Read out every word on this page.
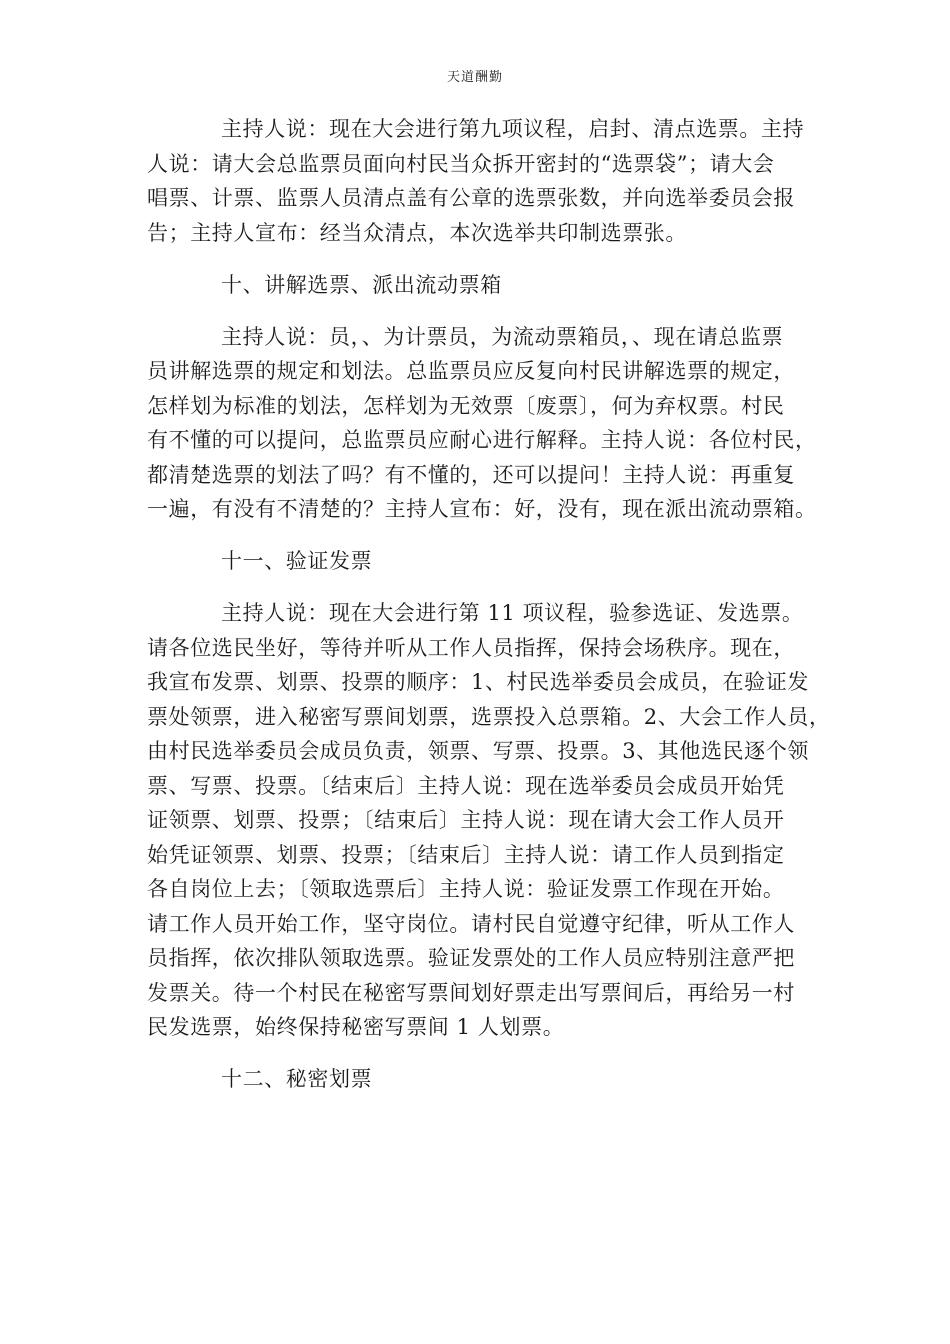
天道酬勤
主持人说：现在大会进行第九项议程，启封、清点选票。主持
人说：请大会总监票员面向村民当众拆开密封的“选票袋”；请大会
唱票、计票、监票人员清点盖有公章的选票张数，并向选举委员会报
告；主持人宣布：经当众清点，本次选举共印制选票张。
十、讲解选票、派出流动票箱
主持人说：员，、为计票员，为流动票箱员，、现在请总监票
员讲解选票的规定和划法。总监票员应反复向村民讲解选票的规定，
怎样划为标准的划法，怎样划为无效票〔废票〕，何为弃权票。村民
有不懂的可以提问，总监票员应耐心进行解释。主持人说：各位村民，
都清楚选票的划法了吗？有不懂的，还可以提问！主持人说：再重复
一遍，有没有不清楚的？主持人宣布：好，没有，现在派出流动票箱。
十一、验证发票
主持人说：现在大会进行第 11 项议程，验参选证、发选票。
请各位选民坐好，等待并听从工作人员指挥，保持会场秩序。现在，
我宣布发票、划票、投票的顺序：1、村民选举委员会成员，在验证发
票处领票，进入秘密写票间划票，选票投入总票箱。2、大会工作人员，
由村民选举委员会成员负责，领票、写票、投票。3、其他选民逐个领
票、写票、投票。〔结束后〕主持人说：现在选举委员会成员开始凭
证领票、划票、投票；〔结束后〕主持人说：现在请大会工作人员开
始凭证领票、划票、投票；〔结束后〕主持人说：请工作人员到指定
各自岗位上去；〔领取选票后〕主持人说：验证发票工作现在开始。
请工作人员开始工作，坚守岗位。请村民自觉遵守纪律，听从工作人
员指挥，依次排队领取选票。验证发票处的工作人员应特别注意严把
发票关。待一个村民在秘密写票间划好票走出写票间后，再给另一村
民发选票，始终保持秘密写票间 1 人划票。
十二、秘密划票
